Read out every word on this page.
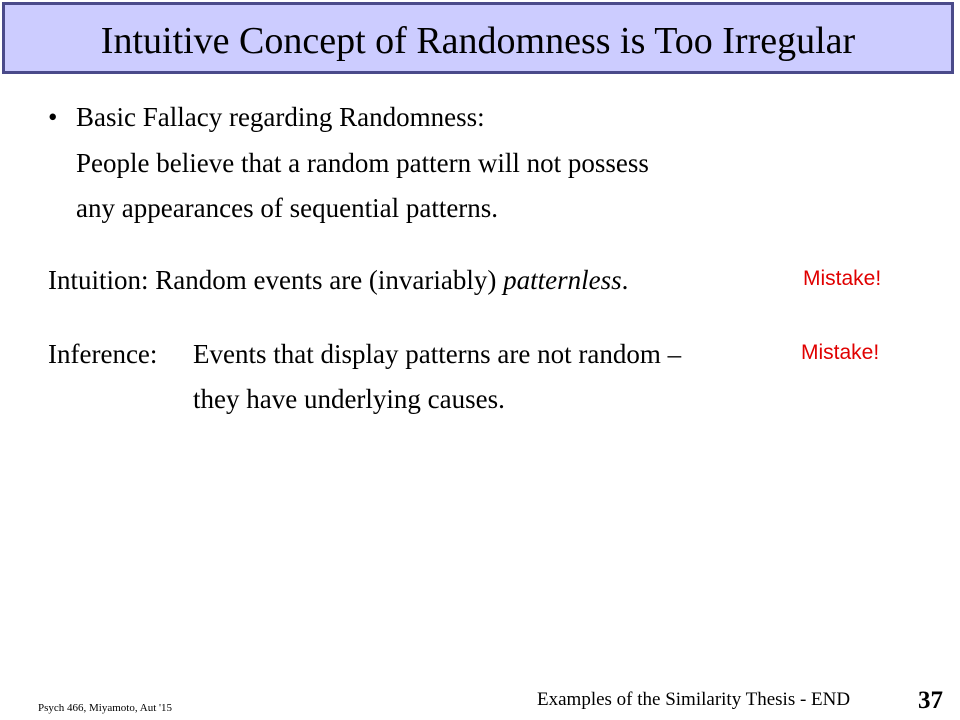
Intuitive Concept of Randomness is Too Irregular
• Basic Fallacy regarding Randomness:
People believe that a random pattern will not possess
any appearances of sequential patterns.
Intuition: Random events are (invariably) patternless.	Mistake!
Inference: Events that display patterns are not random –
they have underlying causes.
Mistake!
Examples of the Similarity Thesis - END	37
Psych 466, Miyamoto, Aut '15
